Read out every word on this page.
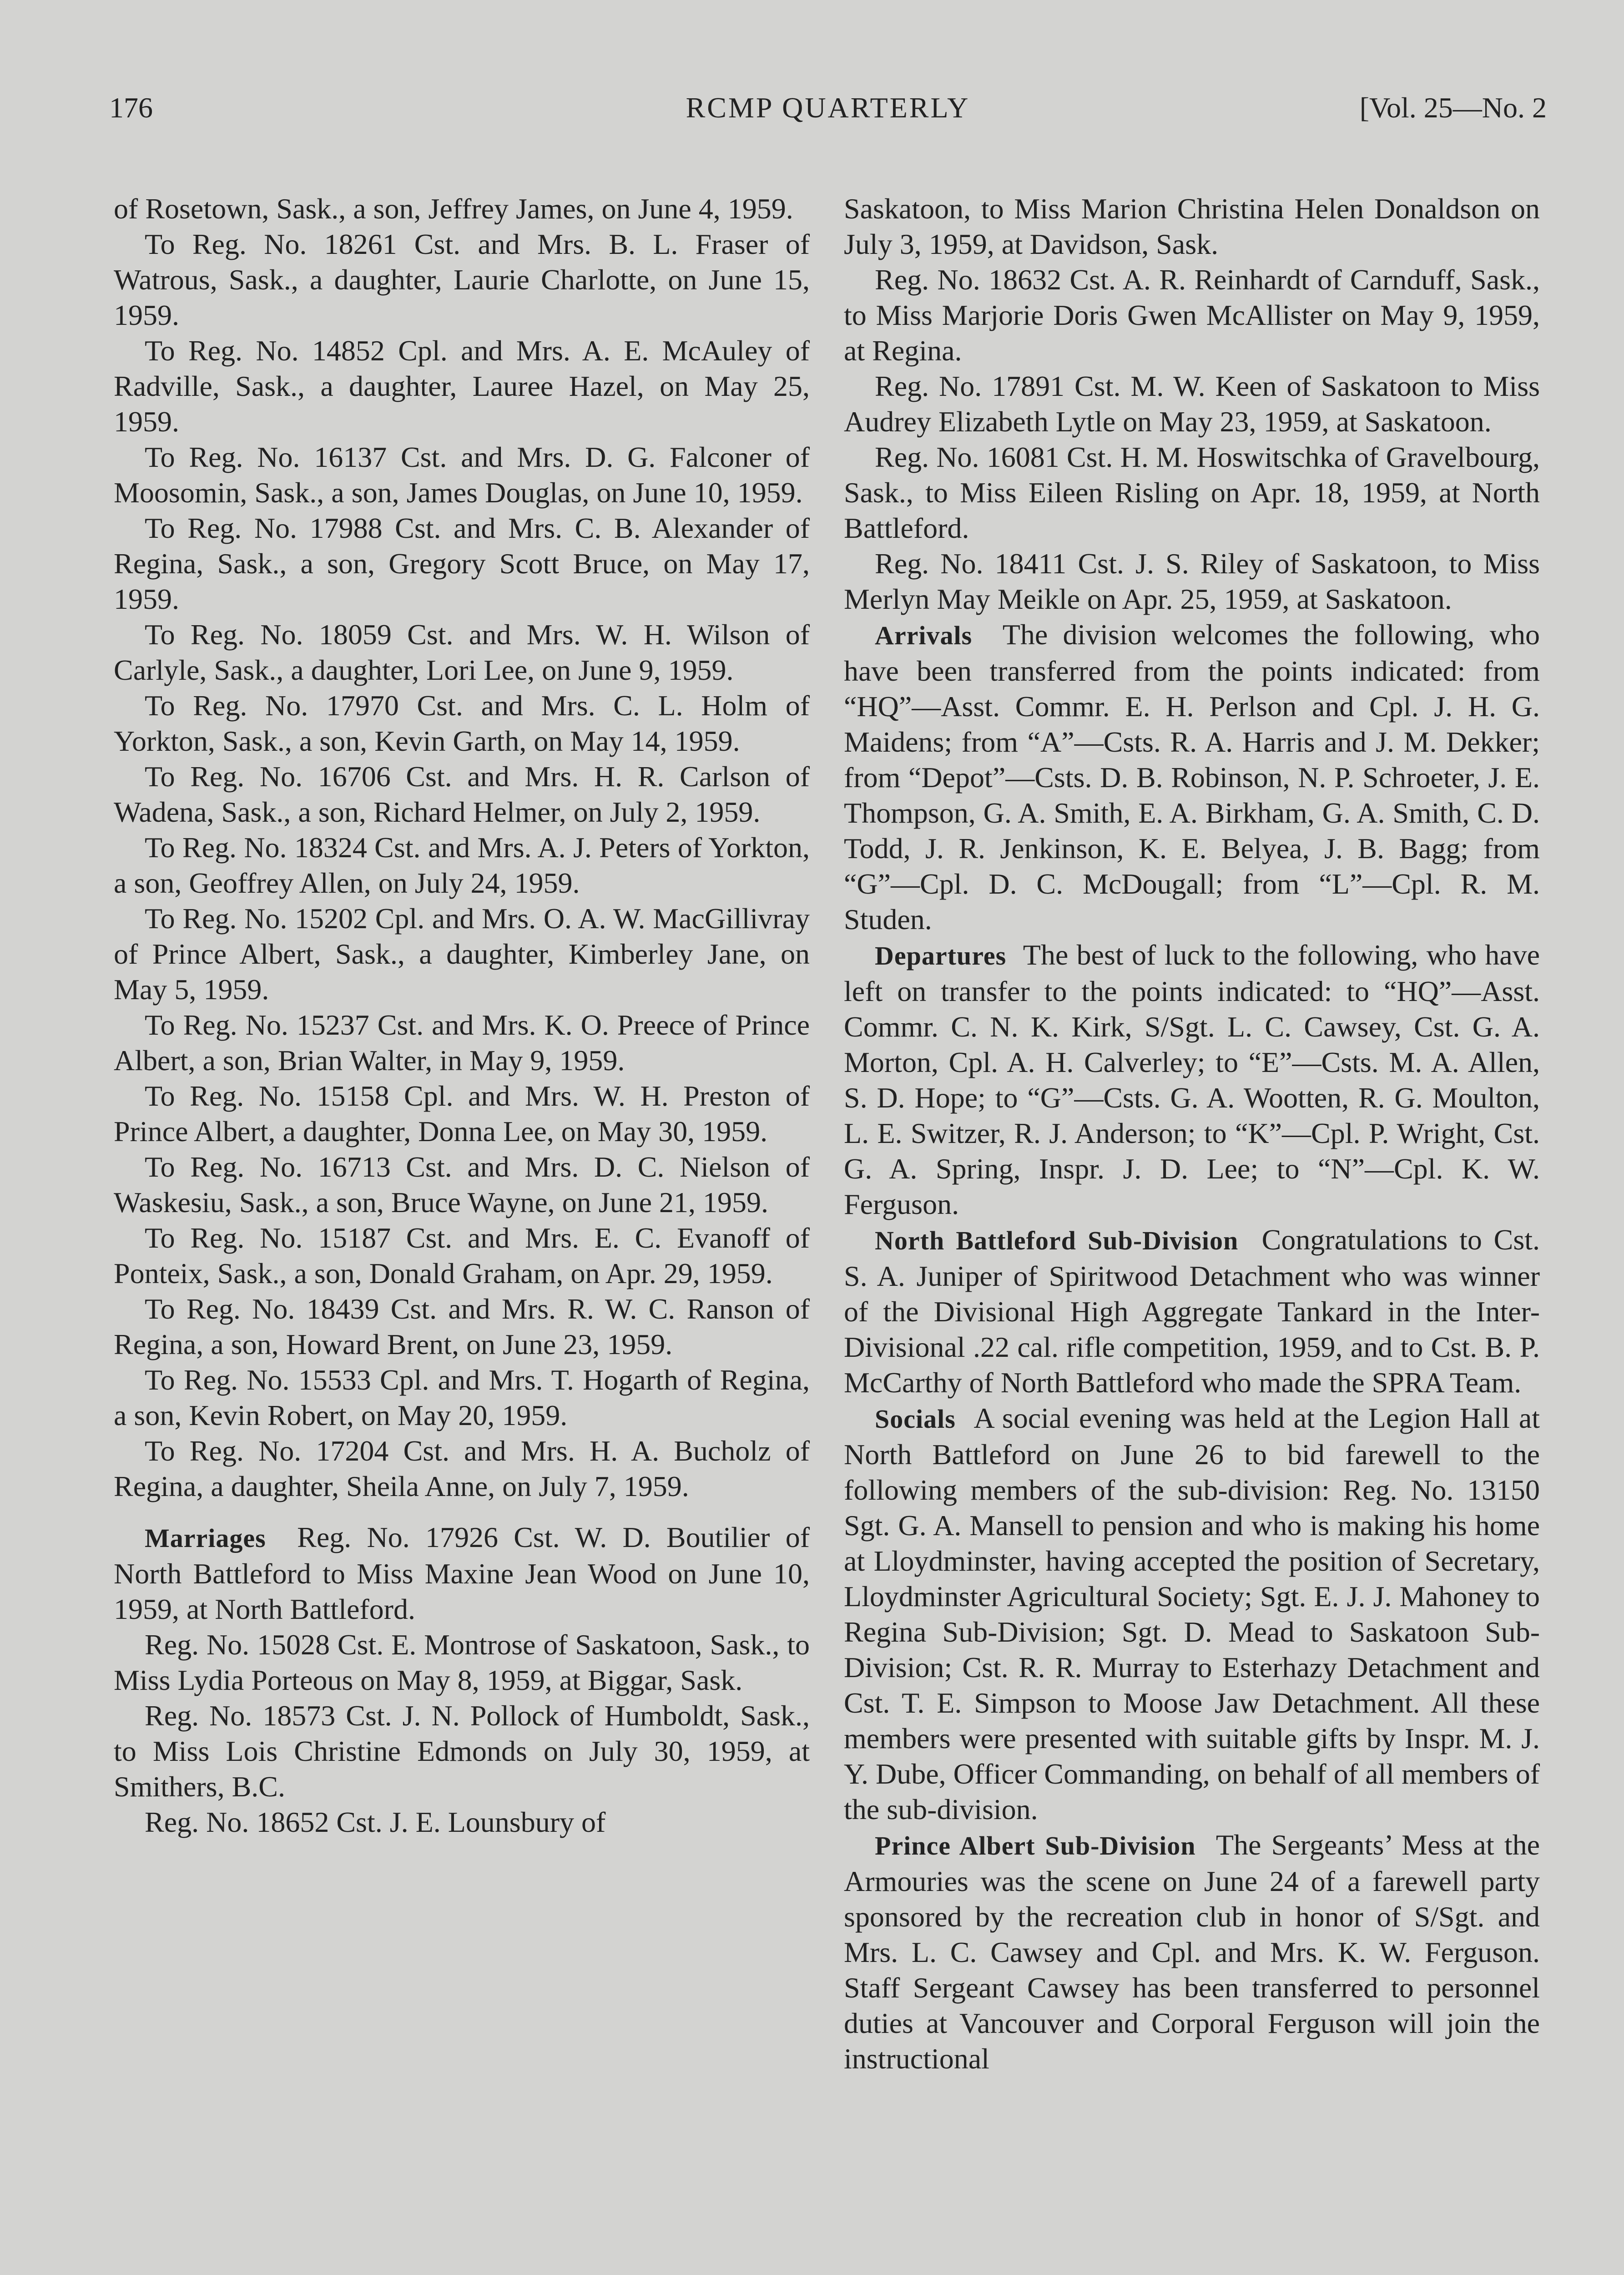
176	RCMP QUARTERLY	[Vol. 25—No. 2

of Rosetown, Sask., a son, Jeffrey James, on June 4, 1959.

To Reg. No. 18261 Cst. and Mrs. B. L. Fraser of Watrous, Sask., a daughter, Laurie Charlotte, on June 15, 1959.

To Reg. No. 14852 Cpl. and Mrs. A. E. McAuley of Radville, Sask., a daughter, Lauree Hazel, on May 25, 1959.

To Reg. No. 16137 Cst. and Mrs. D. G. Falconer of Moosomin, Sask., a son, James Douglas, on June 10, 1959.

To Reg. No. 17988 Cst. and Mrs. C. B. Alexander of Regina, Sask., a son, Gregory Scott Bruce, on May 17, 1959.

To Reg. No. 18059 Cst. and Mrs. W. H. Wilson of Carlyle, Sask., a daughter, Lori Lee, on June 9, 1959.

To Reg. No. 17970 Cst. and Mrs. C. L. Holm of Yorkton, Sask., a son, Kevin Garth, on May 14, 1959.

To Reg. No. 16706 Cst. and Mrs. H. R. Carlson of Wadena, Sask., a son, Richard Helmer, on July 2, 1959.

To Reg. No. 18324 Cst. and Mrs. A. J. Peters of Yorkton, a son, Geoffrey Allen, on July 24, 1959.

To Reg. No. 15202 Cpl. and Mrs. O. A. W. MacGillivray of Prince Albert, Sask., a daughter, Kimberley Jane, on May 5, 1959.

To Reg. No. 15237 Cst. and Mrs. K. O. Preece of Prince Albert, a son, Brian Walter, in May 9, 1959.

To Reg. No. 15158 Cpl. and Mrs. W. H. Preston of Prince Albert, a daughter, Donna Lee, on May 30, 1959.

To Reg. No. 16713 Cst. and Mrs. D. C. Nielson of Waskesiu, Sask., a son, Bruce Wayne, on June 21, 1959.

To Reg. No. 15187 Cst. and Mrs. E. C. Evanoff of Ponteix, Sask., a son, Donald Graham, on Apr. 29, 1959.

To Reg. No. 18439 Cst. and Mrs. R. W. C. Ranson of Regina, a son, Howard Brent, on June 23, 1959.

To Reg. No. 15533 Cpl. and Mrs. T. Hogarth of Regina, a son, Kevin Robert, on May 20, 1959.

To Reg. No. 17204 Cst. and Mrs. H. A. Bucholz of Regina, a daughter, Sheila Anne, on July 7, 1959.

Marriages Reg. No. 17926 Cst. W. D. Boutilier of North Battleford to Miss Maxine Jean Wood on June 10, 1959, at North Battleford.

Reg. No. 15028 Cst. E. Montrose of Saskatoon, Sask., to Miss Lydia Porteous on May 8, 1959, at Biggar, Sask.

Reg. No. 18573 Cst. J. N. Pollock of Humboldt, Sask., to Miss Lois Christine Edmonds on July 30, 1959, at Smithers, B.C.

Reg. No. 18652 Cst. J. E. Lounsbury of

Saskatoon, to Miss Marion Christina Helen Donaldson on July 3, 1959, at Davidson, Sask.

Reg. No. 18632 Cst. A. R. Reinhardt of Carnduff, Sask., to Miss Marjorie Doris Gwen McAllister on May 9, 1959, at Regina.

Reg. No. 17891 Cst. M. W. Keen of Saskatoon to Miss Audrey Elizabeth Lytle on May 23, 1959, at Saskatoon.

Reg. No. 16081 Cst. H. M. Hoswitschka of Gravelbourg, Sask., to Miss Eileen Risling on Apr. 18, 1959, at North Battleford.

Reg. No. 18411 Cst. J. S. Riley of Saskatoon, to Miss Merlyn May Meikle on Apr. 25, 1959, at Saskatoon.

Arrivals The division welcomes the following, who have been transferred from the points indicated: from “HQ”—Asst. Commr. E. H. Perlson and Cpl. J. H. G. Maidens; from “A”—Csts. R. A. Harris and J. M. Dekker; from “Depot”—Csts. D. B. Robinson, N. P. Schroeter, J. E. Thompson, G. A. Smith, E. A. Birkham, G. A. Smith, C. D. Todd, J. R. Jenkinson, K. E. Belyea, J. B. Bagg; from “G”—Cpl. D. C. McDougall; from “L”—Cpl. R. M. Studen.

Departures The best of luck to the following, who have left on transfer to the points indicated: to “HQ”—Asst. Commr. C. N. K. Kirk, S/Sgt. L. C. Cawsey, Cst. G. A. Morton, Cpl. A. H. Calverley; to “E”—Csts. M. A. Allen, S. D. Hope; to “G”—Csts. G. A. Wootten, R. G. Moulton, L. E. Switzer, R. J. Anderson; to “K”—Cpl. P. Wright, Cst. G. A. Spring, Inspr. J. D. Lee; to “N”—Cpl. K. W. Ferguson.

North Battleford Sub-Division Congratulations to Cst. S. A. Juniper of Spiritwood Detachment who was winner of the Divisional High Aggregate Tankard in the Inter-Divisional .22 cal. rifle competition, 1959, and to Cst. B. P. McCarthy of North Battleford who made the SPRA Team.

Socials A social evening was held at the Legion Hall at North Battleford on June 26 to bid farewell to the following members of the sub-division: Reg. No. 13150 Sgt. G. A. Mansell to pension and who is making his home at Lloydminster, having accepted the position of Secretary, Lloydminster Agricultural Society; Sgt. E. J. J. Mahoney to Regina Sub-Division; Sgt. D. Mead to Saskatoon Sub-Division; Cst. R. R. Murray to Esterhazy Detachment and Cst. T. E. Simpson to Moose Jaw Detachment. All these members were presented with suitable gifts by Inspr. M. J. Y. Dube, Officer Commanding, on behalf of all members of the sub-division.

Prince Albert Sub-Division The Sergeants’ Mess at the Armouries was the scene on June 24 of a farewell party sponsored by the recreation club in honor of S/Sgt. and Mrs. L. C. Cawsey and Cpl. and Mrs. K. W. Ferguson. Staff Sergeant Cawsey has been transferred to personnel duties at Vancouver and Corporal Ferguson will join the instructional
